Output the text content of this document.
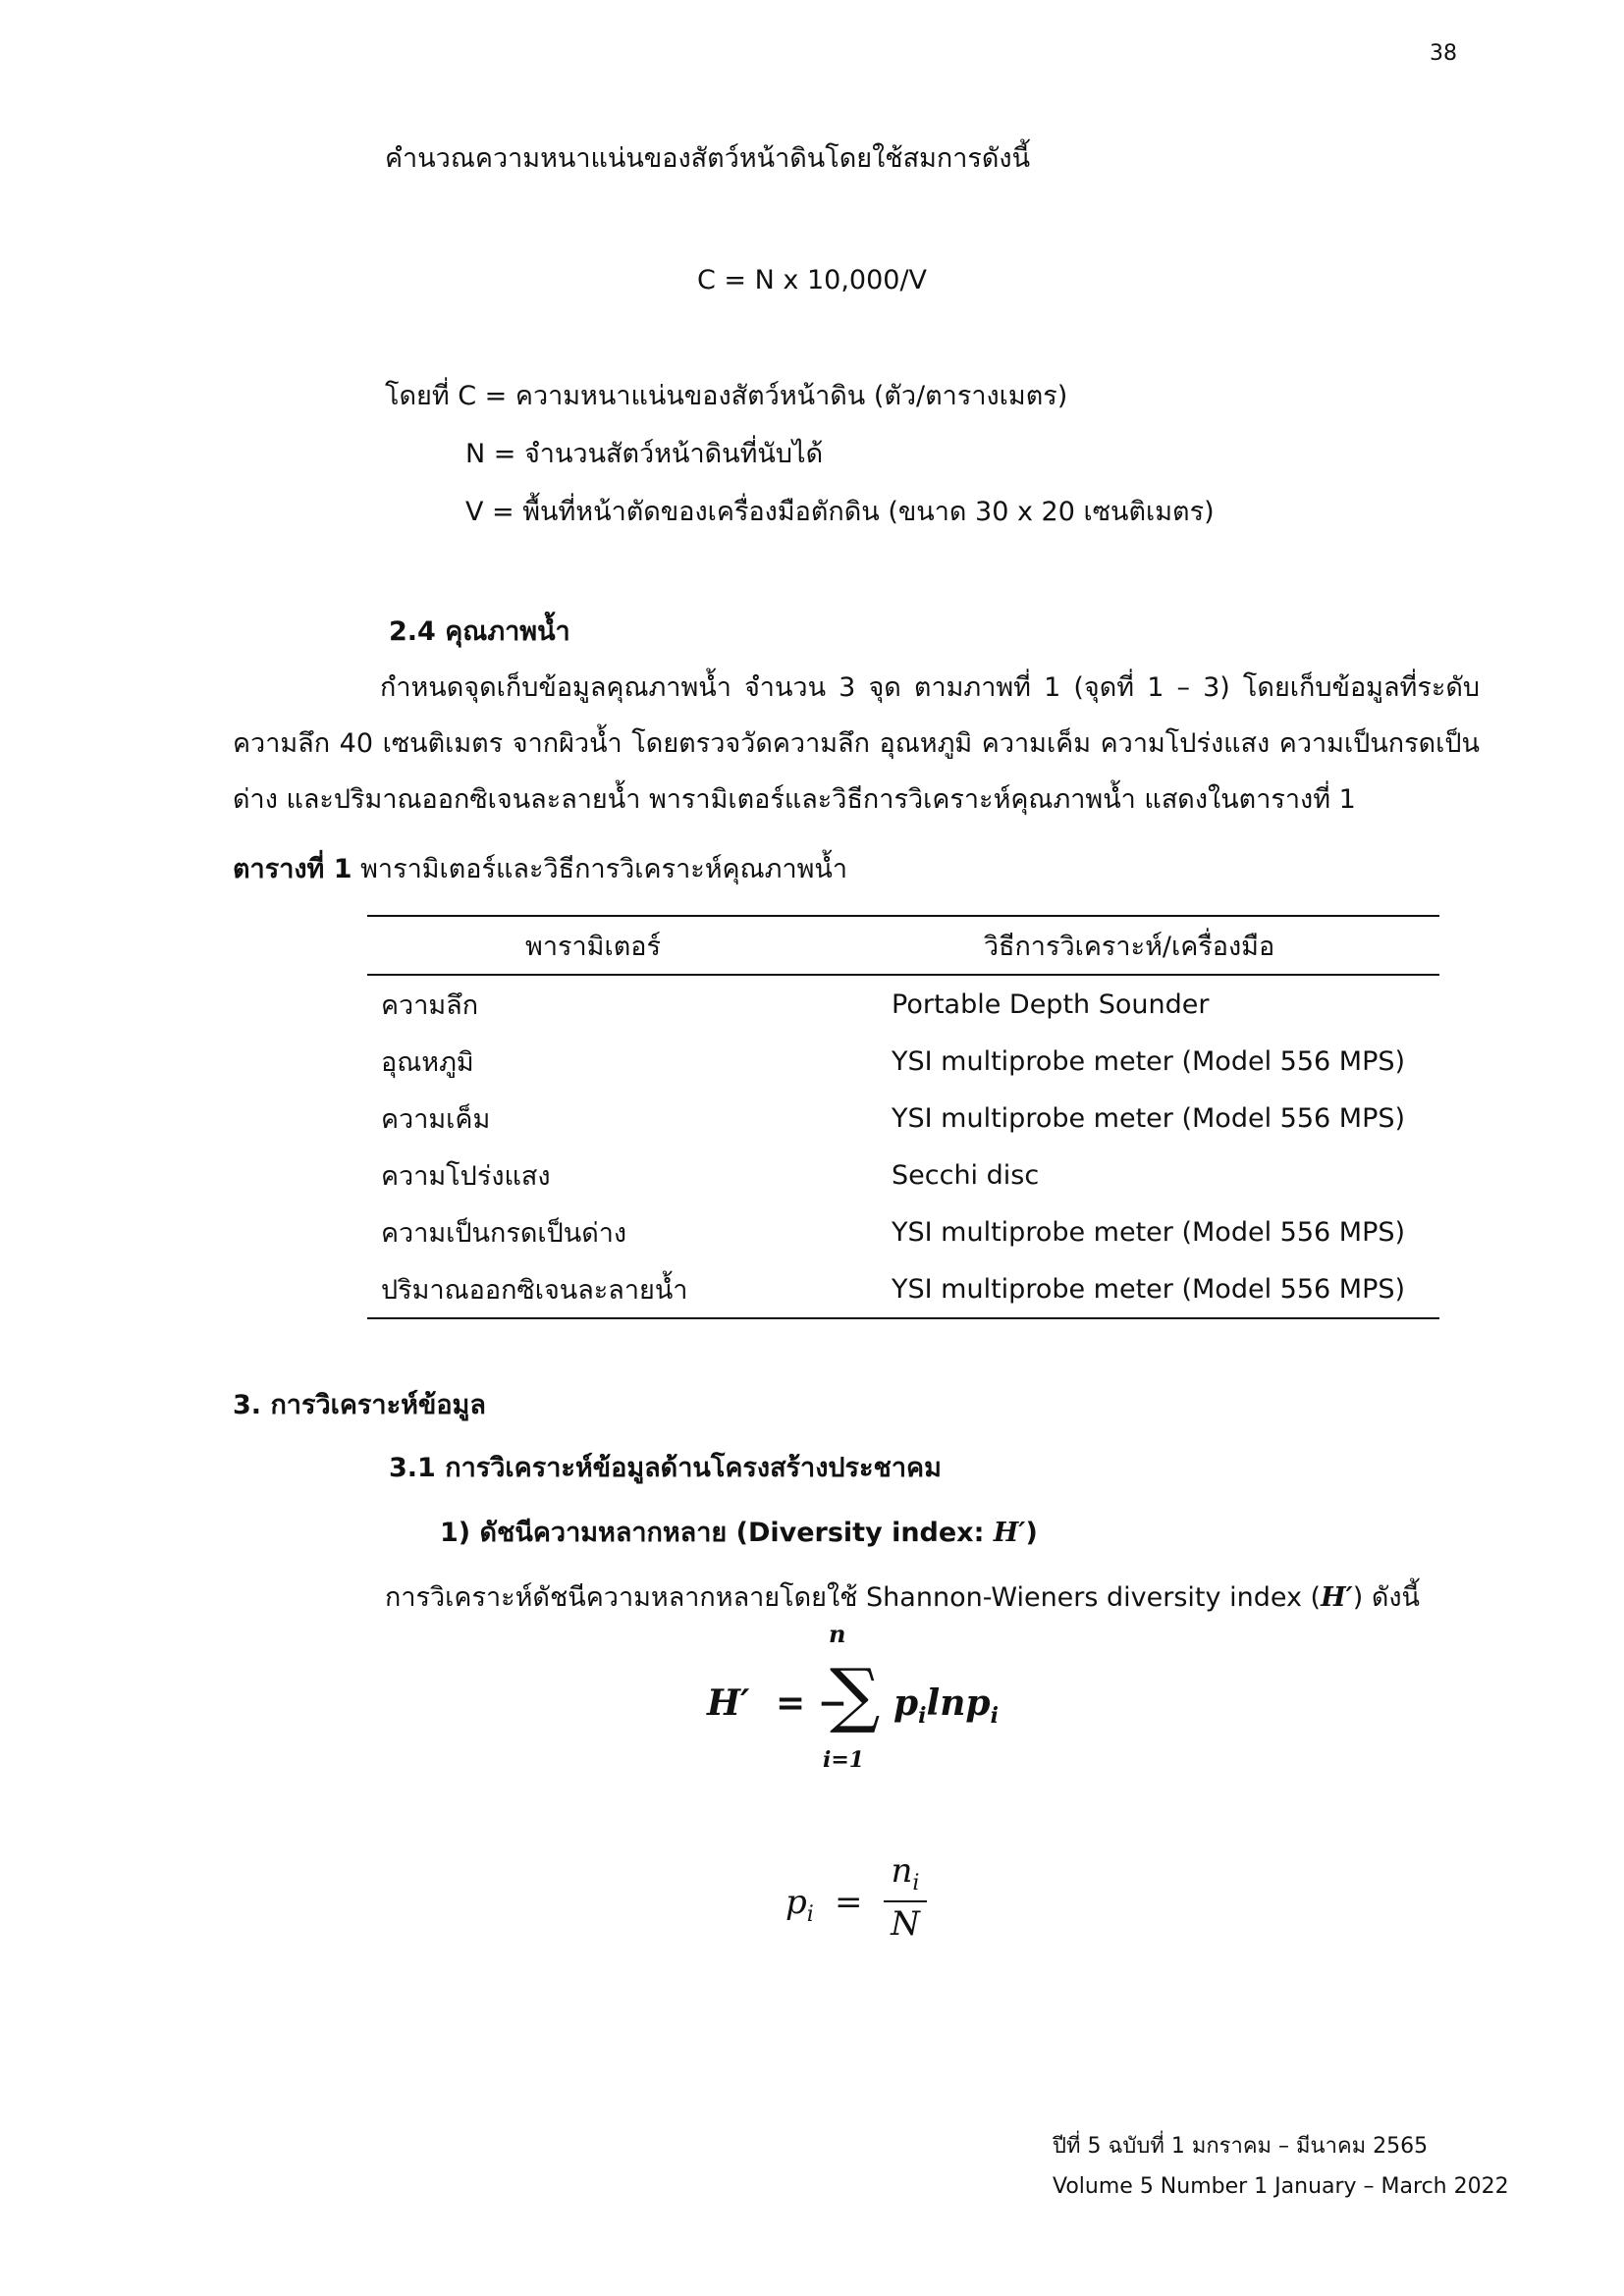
38
คำนวณความหนาแน่นของสัตว์หน้าดินโดยใช้สมการดังนี้
C = N x 10,000/V
โดยที่ C = ความหนาแน่นของสัตว์หน้าดิน (ตัว/ตารางเมตร)
N = จำนวนสัตว์หน้าดินที่นับได้
V = พื้นที่หน้าตัดของเครื่องมือตักดิน (ขนาด 30 x 20 เซนติเมตร)
2.4 คุณภาพน้ำ

กำหนดจุดเก็บข้อมูลคุณภาพน้ำ จำนวน 3 จุด ตามภาพที่ 1 (จุดที่ 1 – 3) โดยเก็บข้อมูลที่ระดับความลึก 40 เซนติเมตร จากผิวน้ำ โดยตรวจวัดความลึก อุณหภูมิ ความเค็ม ความโปร่งแสง ความเป็นกรดเป็นด่าง และปริมาณออกซิเจนละลายน้ำ พารามิเตอร์และวิธีการวิเคราะห์คุณภาพน้ำ แสดงในตารางที่ 1

ตารางที่ 1 พารามิเตอร์และวิธีการวิเคราะห์คุณภาพน้ำ
พารามิเตอร์	วิธีการวิเคราะห์/เครื่องมือ
ความลึก	Portable Depth Sounder
อุณหภูมิ	YSI multiprobe meter (Model 556 MPS)
ความเค็ม	YSI multiprobe meter (Model 556 MPS)
ความโปร่งแสง	Secchi disc
ความเป็นกรดเป็นด่าง	YSI multiprobe meter (Model 556 MPS)
ปริมาณออกซิเจนละลายน้ำ	YSI multiprobe meter (Model 556 MPS)
3. การวิเคราะห์ข้อมูล
3.1 การวิเคราะห์ข้อมูลด้านโครงสร้างประชาคม
1) ดัชนีความหลากหลาย (Diversity index: H′)
การวิเคราะห์ดัชนีความหลากหลายโดยใช้ Shannon-Wieners diversity index (H′) ดังนี้
H′ = −
n
∑
i=1
$p_i\ln p_i$
$p_i$ =
$n_i$
N
ปีที่ 5 ฉบับที่ 1 มกราคม – มีนาคม 2565
Volume 5 Number 1 January – March 2022
